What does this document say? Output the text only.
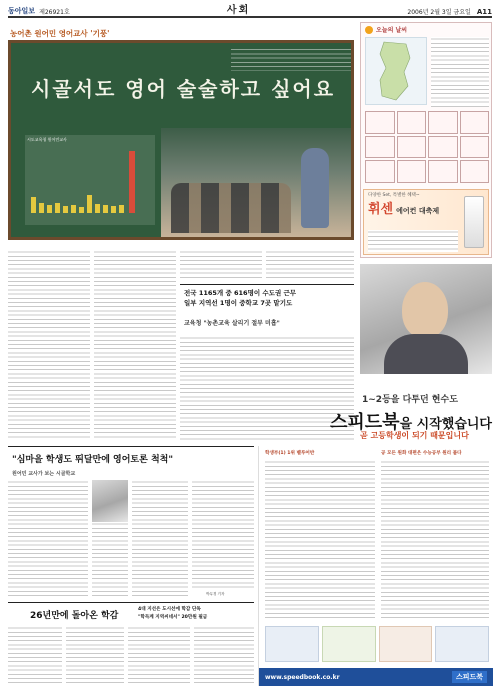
동아일보 제26921호	사회	2006년 2월 3일 금요일 A11
농어촌 원어민 영어교사 '기풍'
시골서도 영어 술술하고 싶어요
시도교육청 원어민교사
오늘의 날씨
다양한 Set, 특별한 혜택~
휘센 에어컨 대축제
전국 1165개 중 616명이 수도권 근무
일부 지역선 1명이 중학교 7곳 맡기도
교육청 "농촌교육 살리기 절부 미흡"
1~2등을 다투던 현수도
스피드북 을 시작했습니다
곧 고등학생이 되기 때문입니다
"심마을 학생도 뛰달만에 영어토론 척척"
원어민 교사가 보는 시골학교
박무경 기자
26년만에 돌아온 학감
4대 지선은 도시선에 학감 단독
"학득계 지역씨네서" 20만원 필금
학생부(1) 1위 벨루어반	공 모든 원화 대편은 수능공부 원리 붙다
www.speedbook.co.kr	스피드북
